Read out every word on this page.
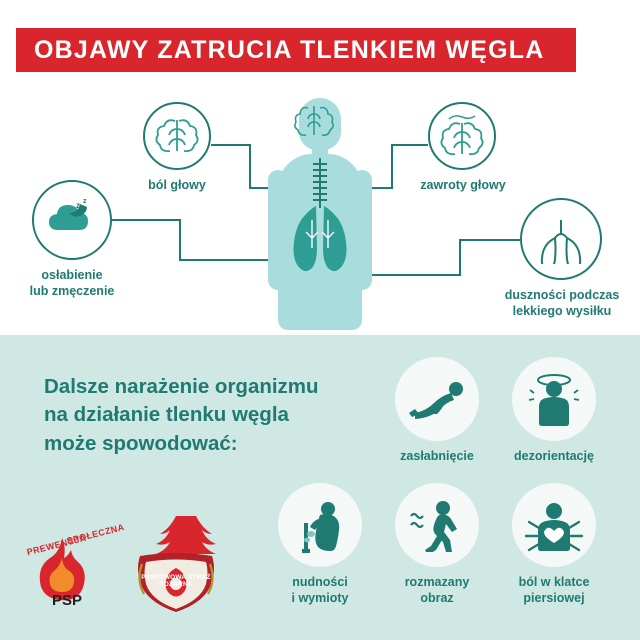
OBJAWY ZATRUCIA TLENKIEM WĘGLA
ból głowy	zawroty głowy
z z
osłabienie
lub zmęczenie	duszności podczas
lekkiego wysiłku
Dalsze narażenie organizmu
na działanie tlenku węgla
może spowodować:
zasłabnięcie	dezorientację
nudności
i wymioty
rozmazany
obraz
ból w klatce
piersiowej
PREWENCJA
SPOŁECZNA
PSP
PAŃSTWOWA STRAŻ POŻARNA
